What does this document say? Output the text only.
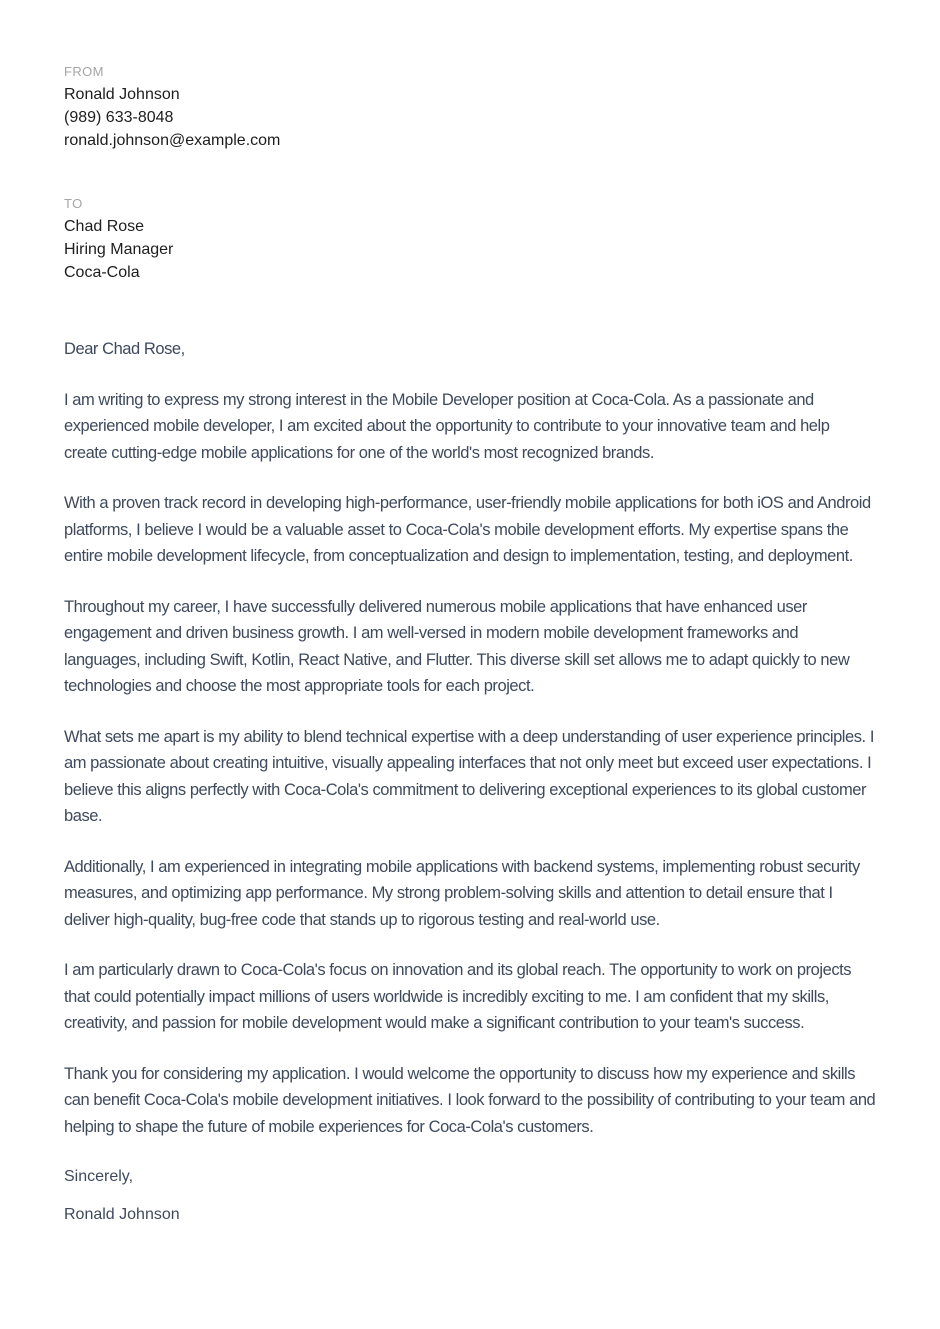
FROM
Ronald Johnson
(989) 633-8048
ronald.johnson@example.com
TO
Chad Rose
Hiring Manager
Coca-Cola

Dear Chad Rose,

I am writing to express my strong interest in the Mobile Developer position at Coca-Cola. As a passionate and experienced mobile developer, I am excited about the opportunity to contribute to your innovative team and help create cutting-edge mobile applications for one of the world's most recognized brands.

With a proven track record in developing high-performance, user-friendly mobile applications for both iOS and Android platforms, I believe I would be a valuable asset to Coca-Cola's mobile development efforts. My expertise spans the entire mobile development lifecycle, from conceptualization and design to implementation, testing, and deployment.

Throughout my career, I have successfully delivered numerous mobile applications that have enhanced user engagement and driven business growth. I am well-versed in modern mobile development frameworks and languages, including Swift, Kotlin, React Native, and Flutter. This diverse skill set allows me to adapt quickly to new technologies and choose the most appropriate tools for each project.

What sets me apart is my ability to blend technical expertise with a deep understanding of user experience principles. I am passionate about creating intuitive, visually appealing interfaces that not only meet but exceed user expectations. I believe this aligns perfectly with Coca-Cola's commitment to delivering exceptional experiences to its global customer base.

Additionally, I am experienced in integrating mobile applications with backend systems, implementing robust security measures, and optimizing app performance. My strong problem-solving skills and attention to detail ensure that I deliver high-quality, bug-free code that stands up to rigorous testing and real-world use.

I am particularly drawn to Coca-Cola's focus on innovation and its global reach. The opportunity to work on projects that could potentially impact millions of users worldwide is incredibly exciting to me. I am confident that my skills, creativity, and passion for mobile development would make a significant contribution to your team's success.

Thank you for considering my application. I would welcome the opportunity to discuss how my experience and skills can benefit Coca-Cola's mobile development initiatives. I look forward to the possibility of contributing to your team and helping to shape the future of mobile experiences for Coca-Cola's customers.

Sincerely,
Ronald Johnson
